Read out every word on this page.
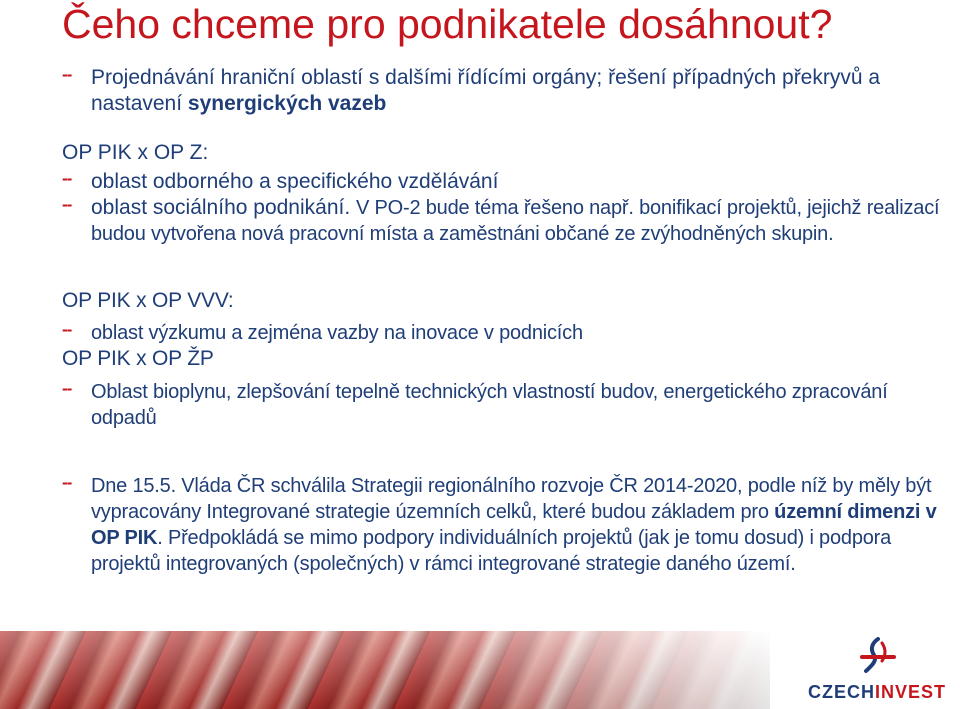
Čeho chceme pro podnikatele dosáhnout?
-- Projednávání hraniční oblastí s dalšími řídícími orgány; řešení případných překryvů a nastavení synergických vazeb
OP PIK x OP Z:
-- oblast odborného a specifického vzdělávání
-- oblast sociálního podnikání. V PO-2 bude téma řešeno např. bonifikací projektů, jejichž realizací budou vytvořena nová pracovní místa a zaměstnáni občané ze zvýhodněných skupin.
OP PIK x OP VVV:
-- oblast výzkumu a zejména vazby na inovace v podnicích
OP PIK x OP ŽP
-- Oblast bioplynu, zlepšování tepelně technických vlastností budov, energetického zpracování odpadů
-- Dne 15.5. Vláda ČR schválila Strategii regionálního rozvoje ČR 2014-2020, podle níž by měly být vypracovány Integrované strategie územních celků, které budou základem pro územní dimenzi v OP PIK. Předpokládá se mimo podpory individuálních projektů (jak je tomu dosud) i podpora projektů integrovaných (společných) v rámci integrované strategie daného území.
CZECHINVEST
